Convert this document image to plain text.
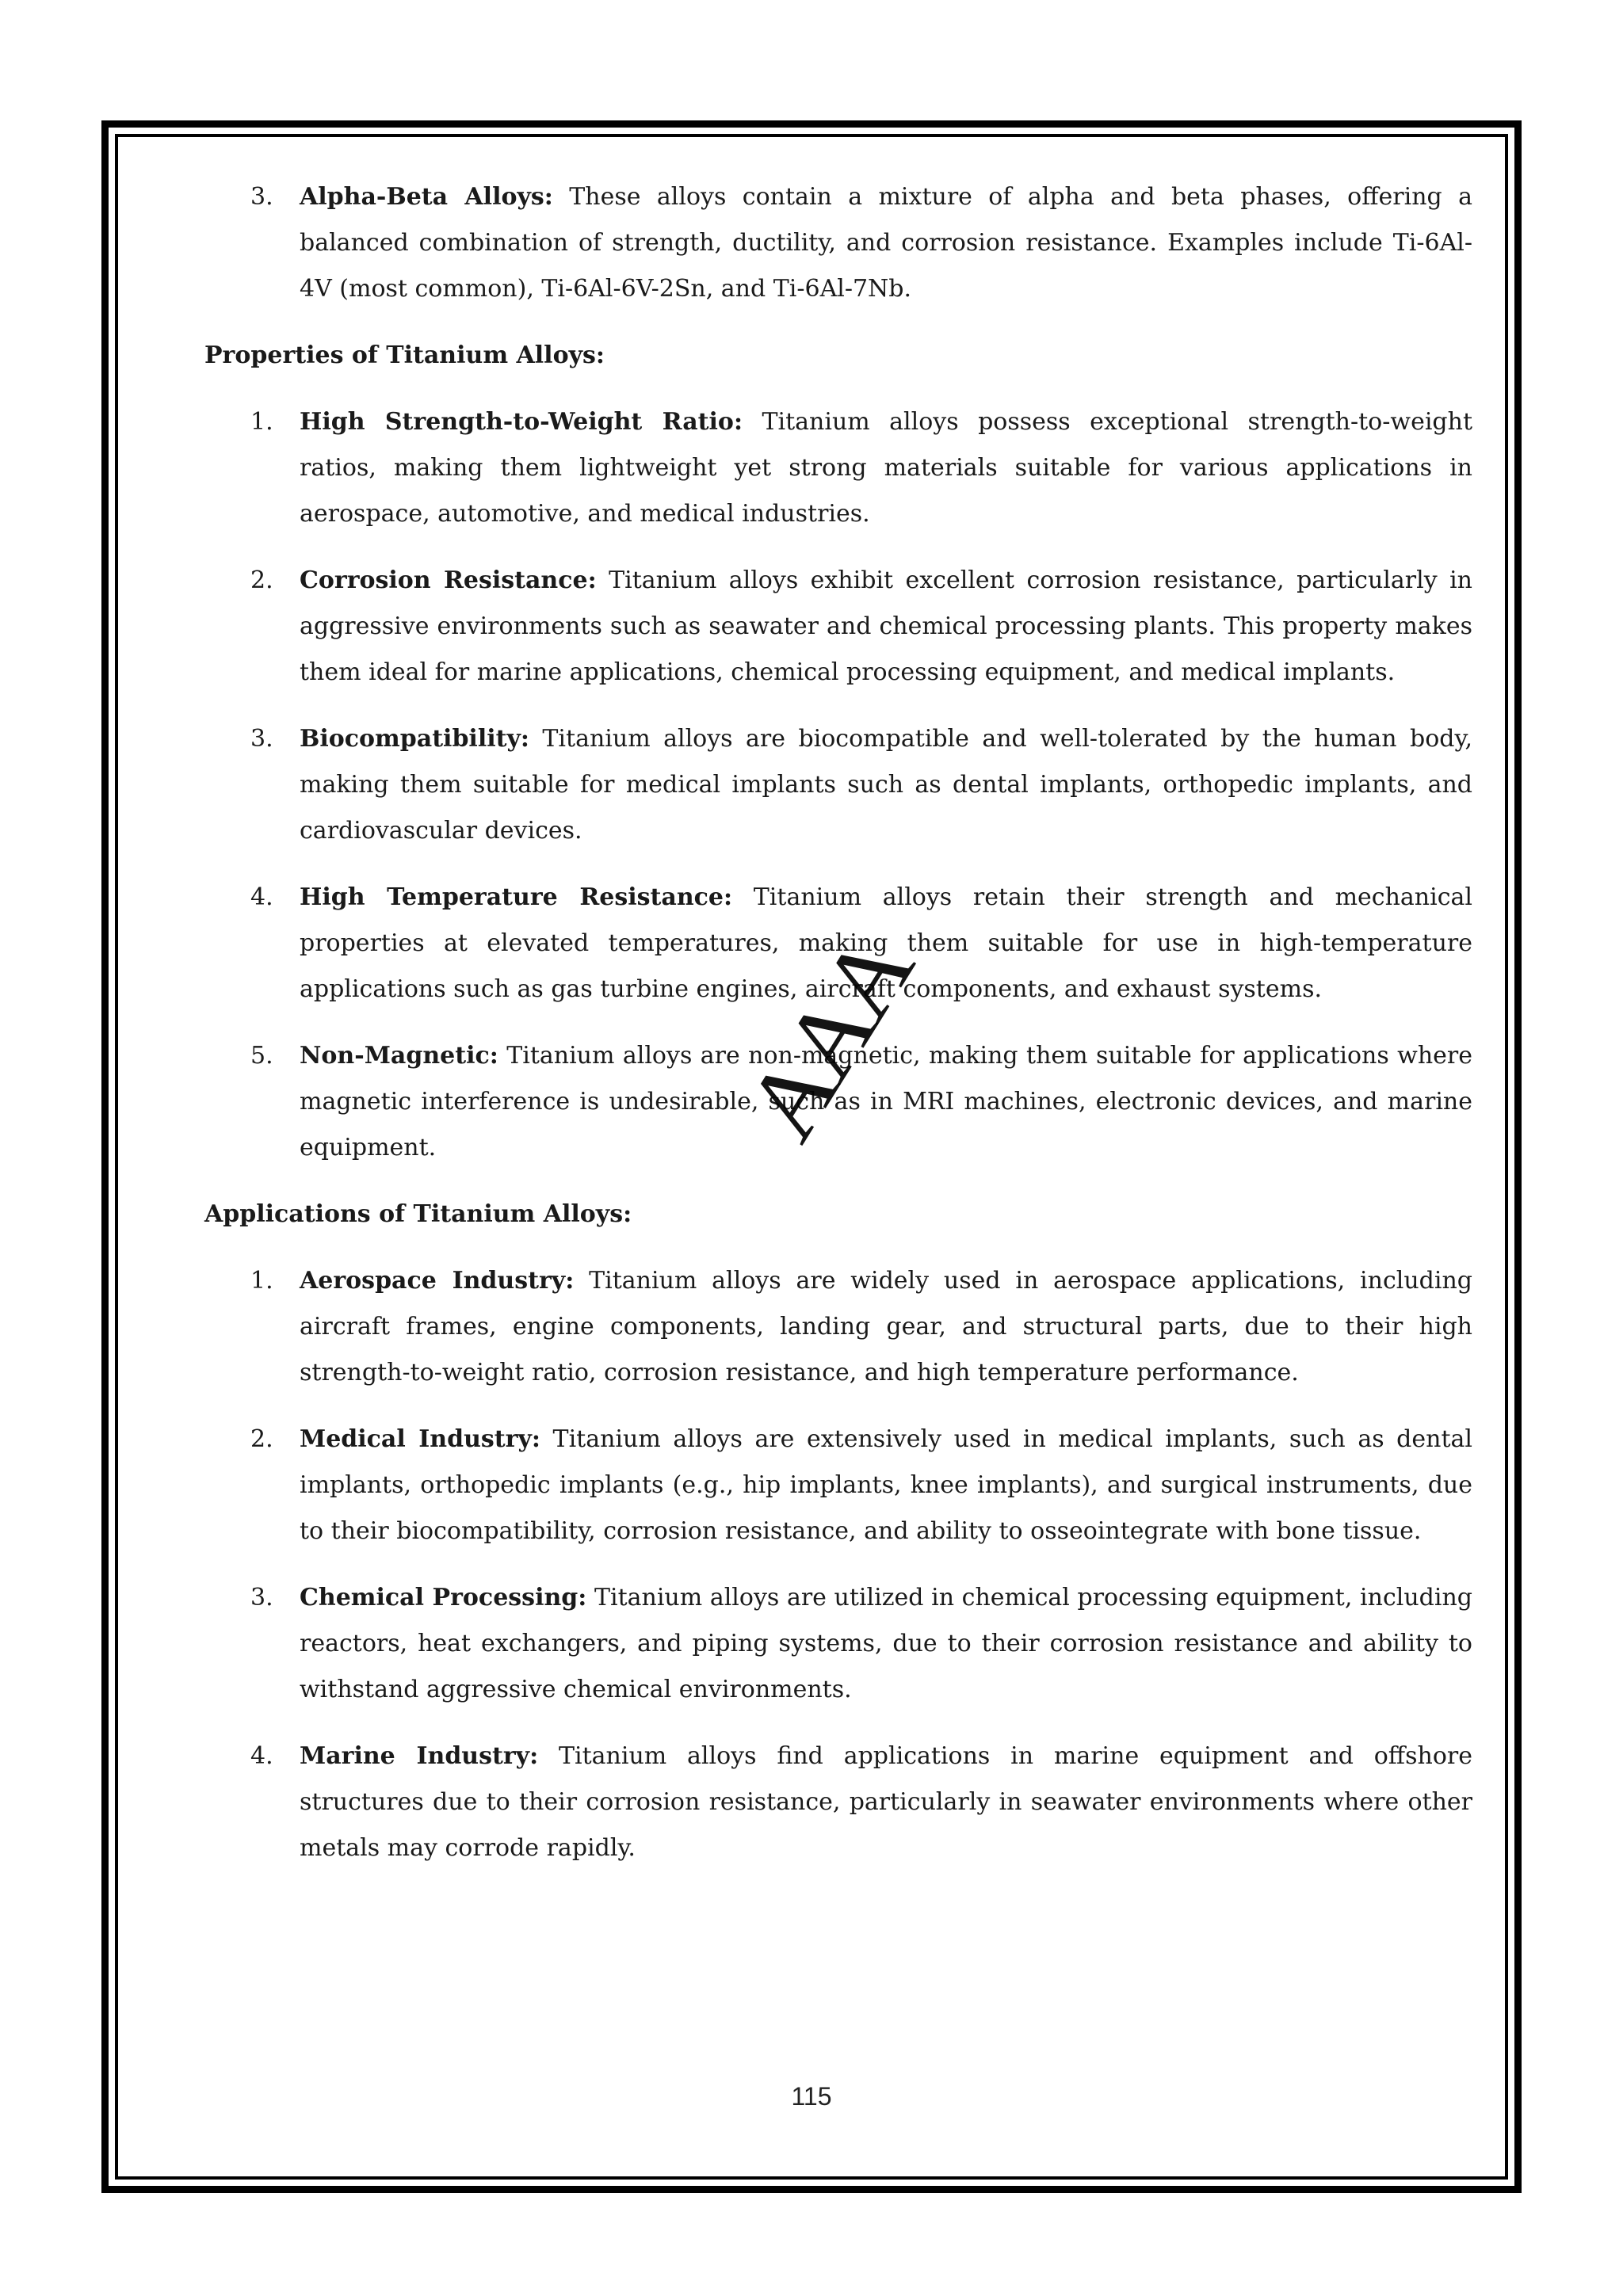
3.	Alpha-Beta Alloys: These alloys contain a mixture of alpha and beta phases, offering a balanced combination of strength, ductility, and corrosion resistance. Examples include Ti-6Al-4V (most common), Ti-6Al-6V-2Sn, and Ti-6Al-7Nb.
Properties of Titanium Alloys:
1.	High Strength-to-Weight Ratio: Titanium alloys possess exceptional strength-to-weight ratios, making them lightweight yet strong materials suitable for various applications in aerospace, automotive, and medical industries.
2.	Corrosion Resistance: Titanium alloys exhibit excellent corrosion resistance, particularly in aggressive environments such as seawater and chemical processing plants. This property makes them ideal for marine applications, chemical processing equipment, and medical implants.
3.	Biocompatibility: Titanium alloys are biocompatible and well-tolerated by the human body, making them suitable for medical implants such as dental implants, orthopedic implants, and cardiovascular devices.
4.	High Temperature Resistance: Titanium alloys retain their strength and mechanical properties at elevated temperatures, making them suitable for use in high-temperature applications such as gas turbine engines, aircraft components, and exhaust systems.
5.	Non-Magnetic: Titanium alloys are non-magnetic, making them suitable for applications where magnetic interference is undesirable, such as in MRI machines, electronic devices, and marine equipment.
Applications of Titanium Alloys:
1.	Aerospace Industry: Titanium alloys are widely used in aerospace applications, including aircraft frames, engine components, landing gear, and structural parts, due to their high strength-to-weight ratio, corrosion resistance, and high temperature performance.
2.	Medical Industry: Titanium alloys are extensively used in medical implants, such as dental implants, orthopedic implants (e.g., hip implants, knee implants), and surgical instruments, due to their biocompatibility, corrosion resistance, and ability to osseointegrate with bone tissue.
3.	Chemical Processing: Titanium alloys are utilized in chemical processing equipment, including reactors, heat exchangers, and piping systems, due to their corrosion resistance and ability to withstand aggressive chemical environments.
4.	Marine Industry: Titanium alloys find applications in marine equipment and offshore structures due to their corrosion resistance, particularly in seawater environments where other metals may corrode rapidly.
AAA
115
